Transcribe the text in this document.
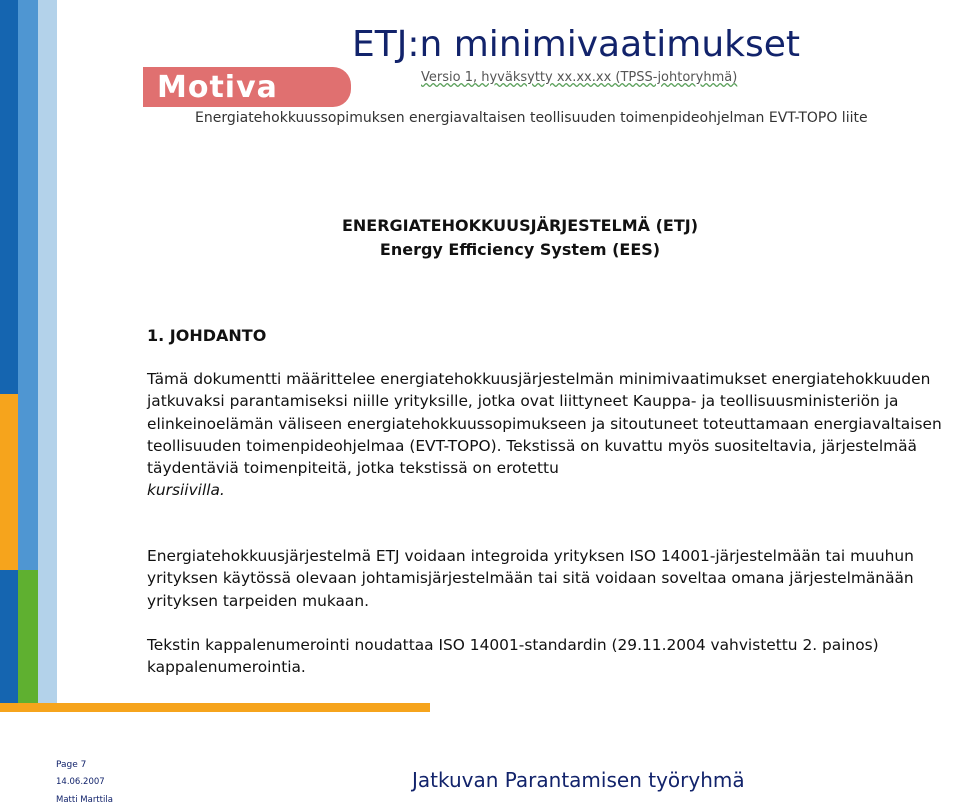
Motiva	Versio 1, hyväksytty xx.xx.xx (TPSS-johtoryhmä)
Energiatehokkuussopimuksen energiavaltaisen teollisuuden toimenpideohjelman EVT-TOPO liite
ENERGIATEHOKKUUSJÄRJESTELMÄ (ETJ)
Energy Efficiency System (EES)
1. JOHDANTO

Tämä dokumentti määrittelee energiatehokkuusjärjestelmän minimivaatimukset energiatehokkuuden jatkuvaksi parantamiseksi niille yrityksille, jotka ovat liittyneet Kauppa- ja teollisuusministeriön ja elinkeinoelämän väliseen energiatehokkuussopimukseen ja sitoutuneet toteuttamaan energiavaltaisen teollisuuden toimenpideohjelmaa (EVT-TOPO). Tekstissä on kuvattu myös suositeltavia, järjestelmää täydentäviä toimenpiteitä, jotka tekstissä on erotettu
kursiivilla.

Energiatehokkuusjärjestelmä ETJ voidaan integroida yrityksen ISO 14001-järjestelmään tai muuhun yrityksen käytössä olevaan johtamisjärjestelmään tai sitä voidaan soveltaa omana järjestelmänään yrityksen tarpeiden mukaan.

Tekstin kappalenumerointi noudattaa ISO 14001-standardin (29.11.2004 vahvistettu 2. painos) kappalenumerointia.

ETJ:n minimivaatimukset
Page 7
14.06.2007
Matti Marttila
Jatkuvan Parantamisen työryhmä
